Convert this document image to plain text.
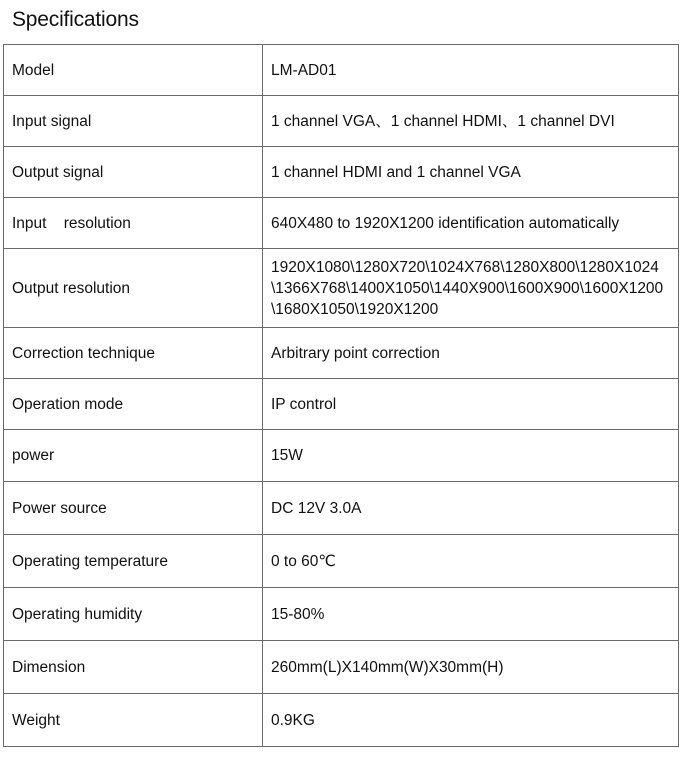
Specifications
Model	LM-AD01
Input signal	1 channel VGA、1 channel HDMI、1 channel DVI
Output signal	1 channel HDMI and 1 channel VGA
Input    resolution	640X480 to 1920X1200 identification automatically
Output resolution	1920X1080\1280X720\1024X768\1280X800\1280X1024\1366X768\1400X1050\1440X900\1600X900\1600X1200\1680X1050\1920X1200
Correction technique	Arbitrary point correction
Operation mode	IP control
power	15W
Power source	DC 12V 3.0A
Operating temperature	0 to 60℃
Operating humidity	15-80%
Dimension	260mm(L)X140mm(W)X30mm(H)
Weight	0.9KG
